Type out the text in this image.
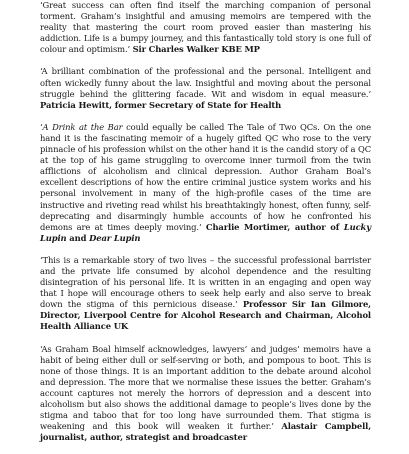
‘Great success can often find itself the marching companion of personal torment. Graham’s insightful and amusing memoirs are tempered with the reality that mastering the court room proved easier than mastering his addiction. Life is a bumpy journey, and this fantastically told story is one full of colour and optimism.’ Sir Charles Walker KBE MP

‘A brilliant combination of the professional and the personal. Intelligent and often wickedly funny about the law. Insightful and moving about the personal struggle behind the glittering facade. Wit and wisdom in equal measure.’ Patricia Hewitt, former Secretary of State for Health

‘A Drink at the Bar could equally be called The Tale of Two QCs. On the one hand it is the fascinating memoir of a hugely gifted QC who rose to the very pinnacle of his profession whilst on the other hand it is the candid story of a QC at the top of his game struggling to overcome inner turmoil from the twin afflictions of alcoholism and clinical depression. Author Graham Boal’s excellent descriptions of how the entire criminal justice system works and his personal involvement in many of the high-profile cases of the time are instructive and riveting read whilst his breathtakingly honest, often funny, self-deprecating and disarmingly humble accounts of how he confronted his demons are at times deeply moving.’ Charlie Mortimer, author of Lucky Lupin and Dear Lupin

‘This is a remarkable story of two lives – the successful professional barrister and the private life consumed by alcohol dependence and the resulting disintegration of his personal life. It is written in an engaging and open way that I hope will encourage others to seek help early and also serve to break down the stigma of this pernicious disease.’ Professor Sir Ian Gilmore, Director, Liverpool Centre for Alcohol Research and Chairman, Alcohol Health Alliance UK

‘As Graham Boal himself acknowledges, lawyers’ and judges’ memoirs have a habit of being either dull or self-serving or both, and pompous to boot. This is none of those things. It is an important addition to the debate around alcohol and depression. The more that we normalise these issues the better. Graham’s account captures not merely the horrors of depression and a descent into alcoholism but also shows the additional damage to people’s lives done by the stigma and taboo that for too long have surrounded them. That stigma is weakening and this book will weaken it further.’ Alastair Campbell, journalist, author, strategist and broadcaster
